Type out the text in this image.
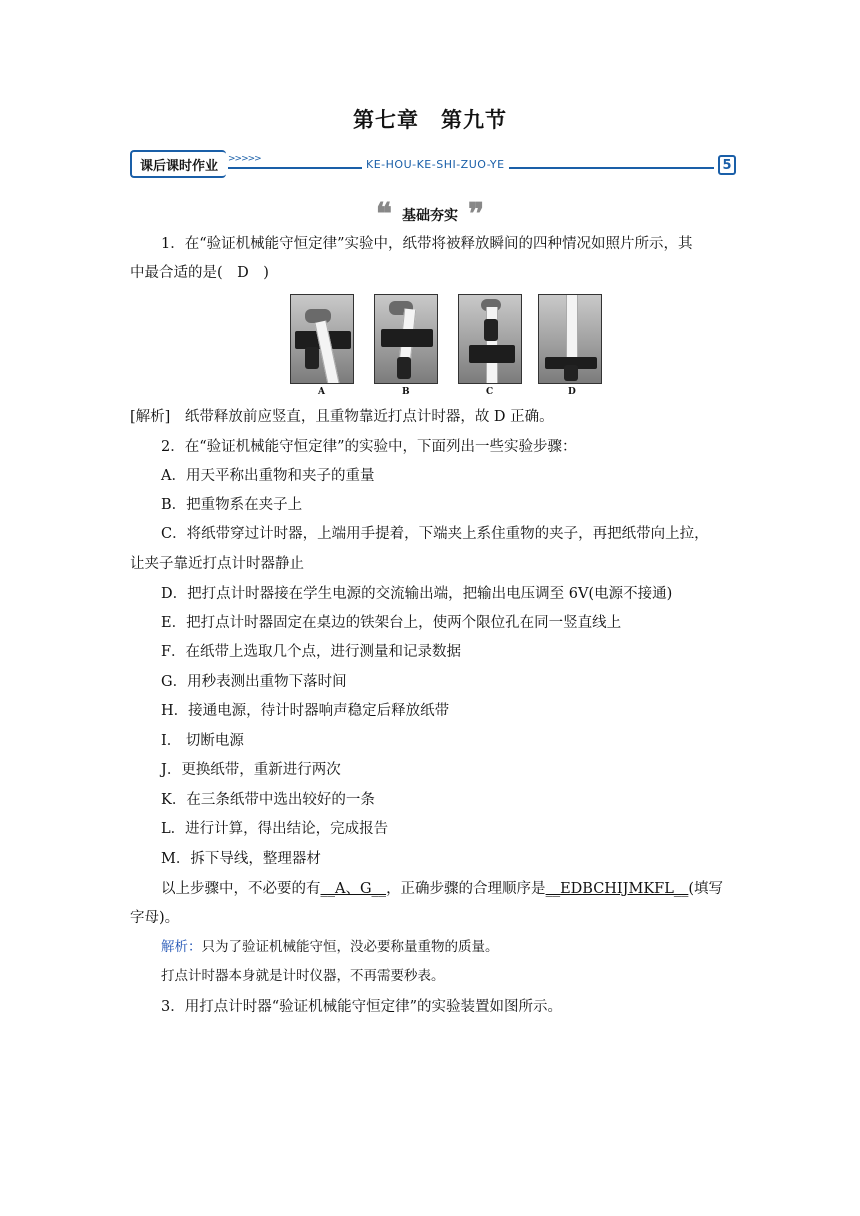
第七章　第九节
课后课时作业	>>>>>	KE-HOU-KE-SHI-ZUO-YE	5
❝ 基础夯实 ❞
1．在“验证机械能守恒定律”实验中，纸带将被释放瞬间的四种情况如照片所示，其
中最合适的是(　D　)
A	B	C	D
[解析]　纸带释放前应竖直，且重物靠近打点计时器，故 D 正确。
2．在“验证机械能守恒定律”的实验中，下面列出一些实验步骤：
A．用天平称出重物和夹子的重量
B．把重物系在夹子上
C．将纸带穿过计时器，上端用手提着，下端夹上系住重物的夹子，再把纸带向上拉，
让夹子靠近打点计时器静止
D．把打点计时器接在学生电源的交流输出端，把输出电压调至 6V(电源不接通)
E．把打点计时器固定在桌边的铁架台上，使两个限位孔在同一竖直线上
F．在纸带上选取几个点，进行测量和记录数据
G．用秒表测出重物下落时间
H．接通电源，待计时器响声稳定后释放纸带
I． 切断电源
J．更换纸带，重新进行两次
K．在三条纸带中选出较好的一条
L．进行计算，得出结论，完成报告
M．拆下导线，整理器材
以上步骤中，不必要的有__A、G__，正确步骤的合理顺序是__EDBCHIJMKFL__(填写
字母)。
解析：只为了验证机械能守恒，没必要称量重物的质量。
打点计时器本身就是计时仪器，不再需要秒表。
3．用打点计时器“验证机械能守恒定律”的实验装置如图所示。
